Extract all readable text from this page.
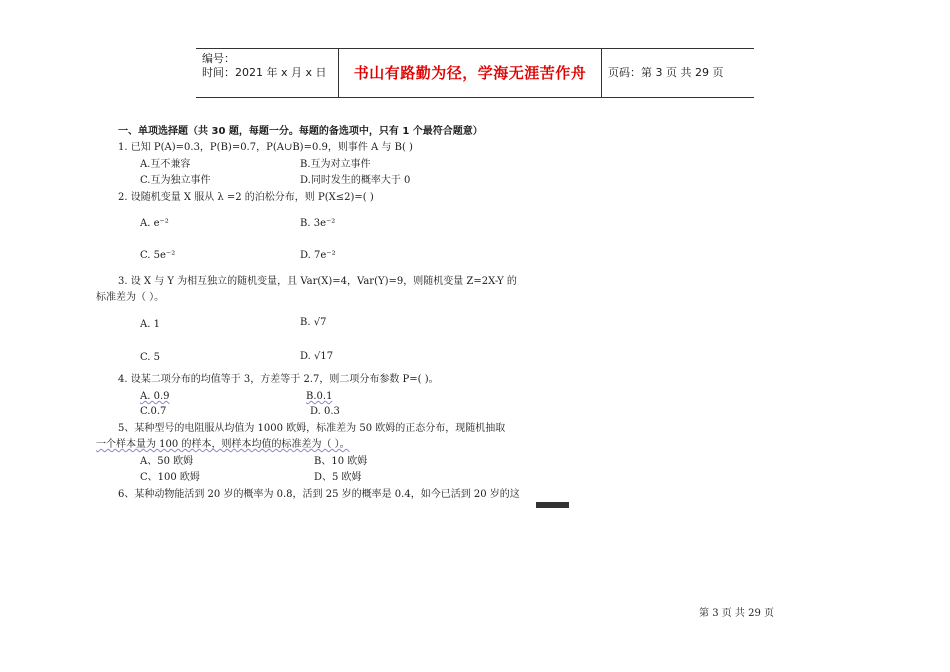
编号：
时间：2021 年 x 月 x 日	书山有路勤为径，学海无涯苦作舟	页码：第 3 页 共 29 页
一、单项选择题（共 30 题，每题一分。每题的备选项中，只有 1 个最符合题意）
1. 已知 P(A)=0.3，P(B)=0.7，P(A∪B)=0.9，则事件 A 与 B( )
A.互不兼容	B.互为对立事件
C.互为独立事件	D.同时发生的概率大于 0
2. 设随机变量 X 服从 λ =2 的泊松分布，则 P(X≤2)=( )
A. e⁻²	B. 3e⁻²
C. 5e⁻²	D. 7e⁻²
3. 设 X 与 Y 为相互独立的随机变量，且 Var(X)=4，Var(Y)=9，则随机变量 Z=2X-Y 的
标准差为（ ）。
A. 1	B. √7
C. 5	D. √17
4. 设某二项分布的均值等于 3，方差等于 2.7，则二项分布参数 P=( )。
A. 0.9	B.0.1
C.0.7	D. 0.3
5、某种型号的电阻服从均值为 1000 欧姆，标准差为 50 欧姆的正态分布，现随机抽取
一个样本量为 100 的样本，则样本均值的标准差为（ ）。
A、50 欧姆	B、10 欧姆
C、100 欧姆	D、5 欧姆
6、某种动物能活到 20 岁的概率为 0.8，活到 25 岁的概率是 0.4，如今已活到 20 岁的这
第 3 页 共 29 页
